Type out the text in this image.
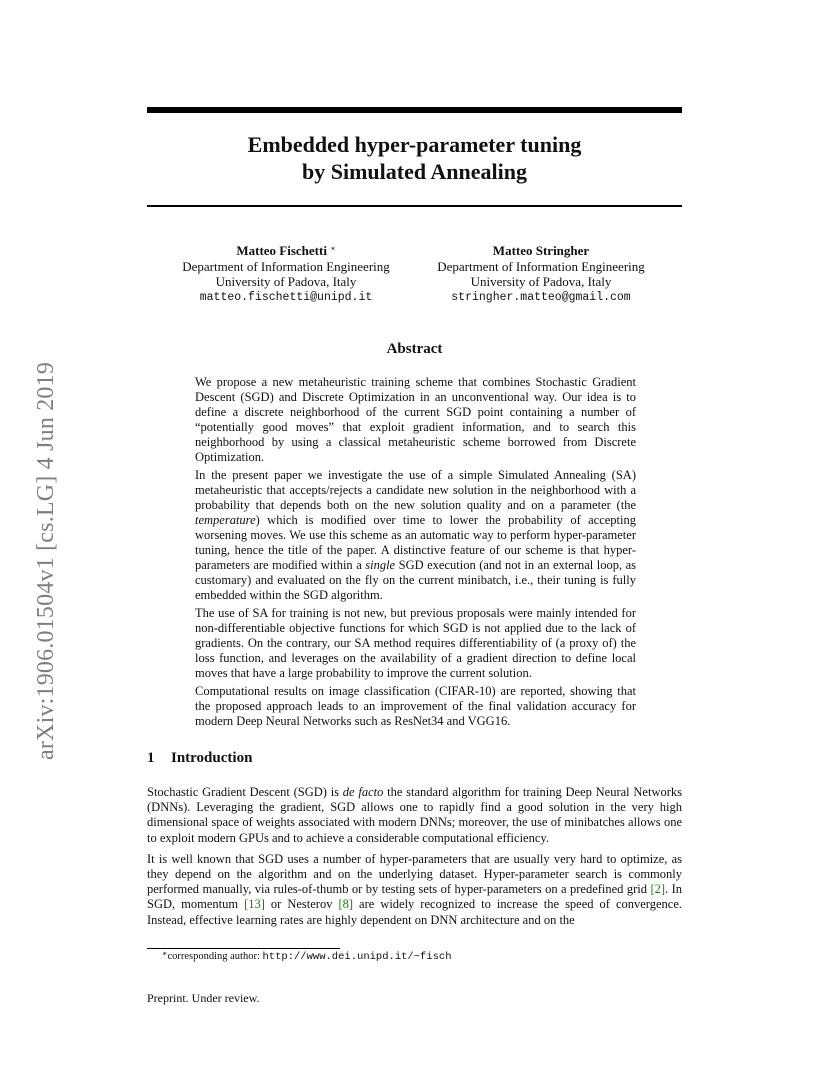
Embedded hyper-parameter tuning
by Simulated Annealing
arXiv:1906.01504v1 [cs.LG] 4 Jun 2019
Matteo Fischetti ∗
Department of Information Engineering
University of Padova, Italy
matteo.fischetti@unipd.it
Matteo Stringher
Department of Information Engineering
University of Padova, Italy
stringher.matteo@gmail.com
Abstract

We propose a new metaheuristic training scheme that combines Stochastic Gradient Descent (SGD) and Discrete Optimization in an unconventional way. Our idea is to define a discrete neighborhood of the current SGD point containing a number of “potentially good moves” that exploit gradient information, and to search this neighborhood by using a classical metaheuristic scheme borrowed from Discrete Optimization.

In the present paper we investigate the use of a simple Simulated Annealing (SA) metaheuristic that accepts/rejects a candidate new solution in the neighborhood with a probability that depends both on the new solution quality and on a parameter (the temperature) which is modified over time to lower the probability of accepting worsening moves. We use this scheme as an automatic way to perform hyper-parameter tuning, hence the title of the paper. A distinctive feature of our scheme is that hyper-parameters are modified within a single SGD execution (and not in an external loop, as customary) and evaluated on the fly on the current minibatch, i.e., their tuning is fully embedded within the SGD algorithm.

The use of SA for training is not new, but previous proposals were mainly intended for non-differentiable objective functions for which SGD is not applied due to the lack of gradients. On the contrary, our SA method requires differentiability of (a proxy of) the loss function, and leverages on the availability of a gradient direction to define local moves that have a large probability to improve the current solution.

Computational results on image classification (CIFAR-10) are reported, showing that the proposed approach leads to an improvement of the final validation accuracy for modern Deep Neural Networks such as ResNet34 and VGG16.

1 Introduction

Stochastic Gradient Descent (SGD) is de facto the standard algorithm for training Deep Neural Networks (DNNs). Leveraging the gradient, SGD allows one to rapidly find a good solution in the very high dimensional space of weights associated with modern DNNs; moreover, the use of minibatches allows one to exploit modern GPUs and to achieve a considerable computational efficiency.

It is well known that SGD uses a number of hyper-parameters that are usually very hard to optimize, as they depend on the algorithm and on the underlying dataset. Hyper-parameter search is commonly performed manually, via rules-of-thumb or by testing sets of hyper-parameters on a predefined grid [2]. In SGD, momentum [13] or Nesterov [8] are widely recognized to increase the speed of convergence. Instead, effective learning rates are highly dependent on DNN architecture and on the

∗corresponding author: http://www.dei.unipd.it/~fisch
Preprint. Under review.
